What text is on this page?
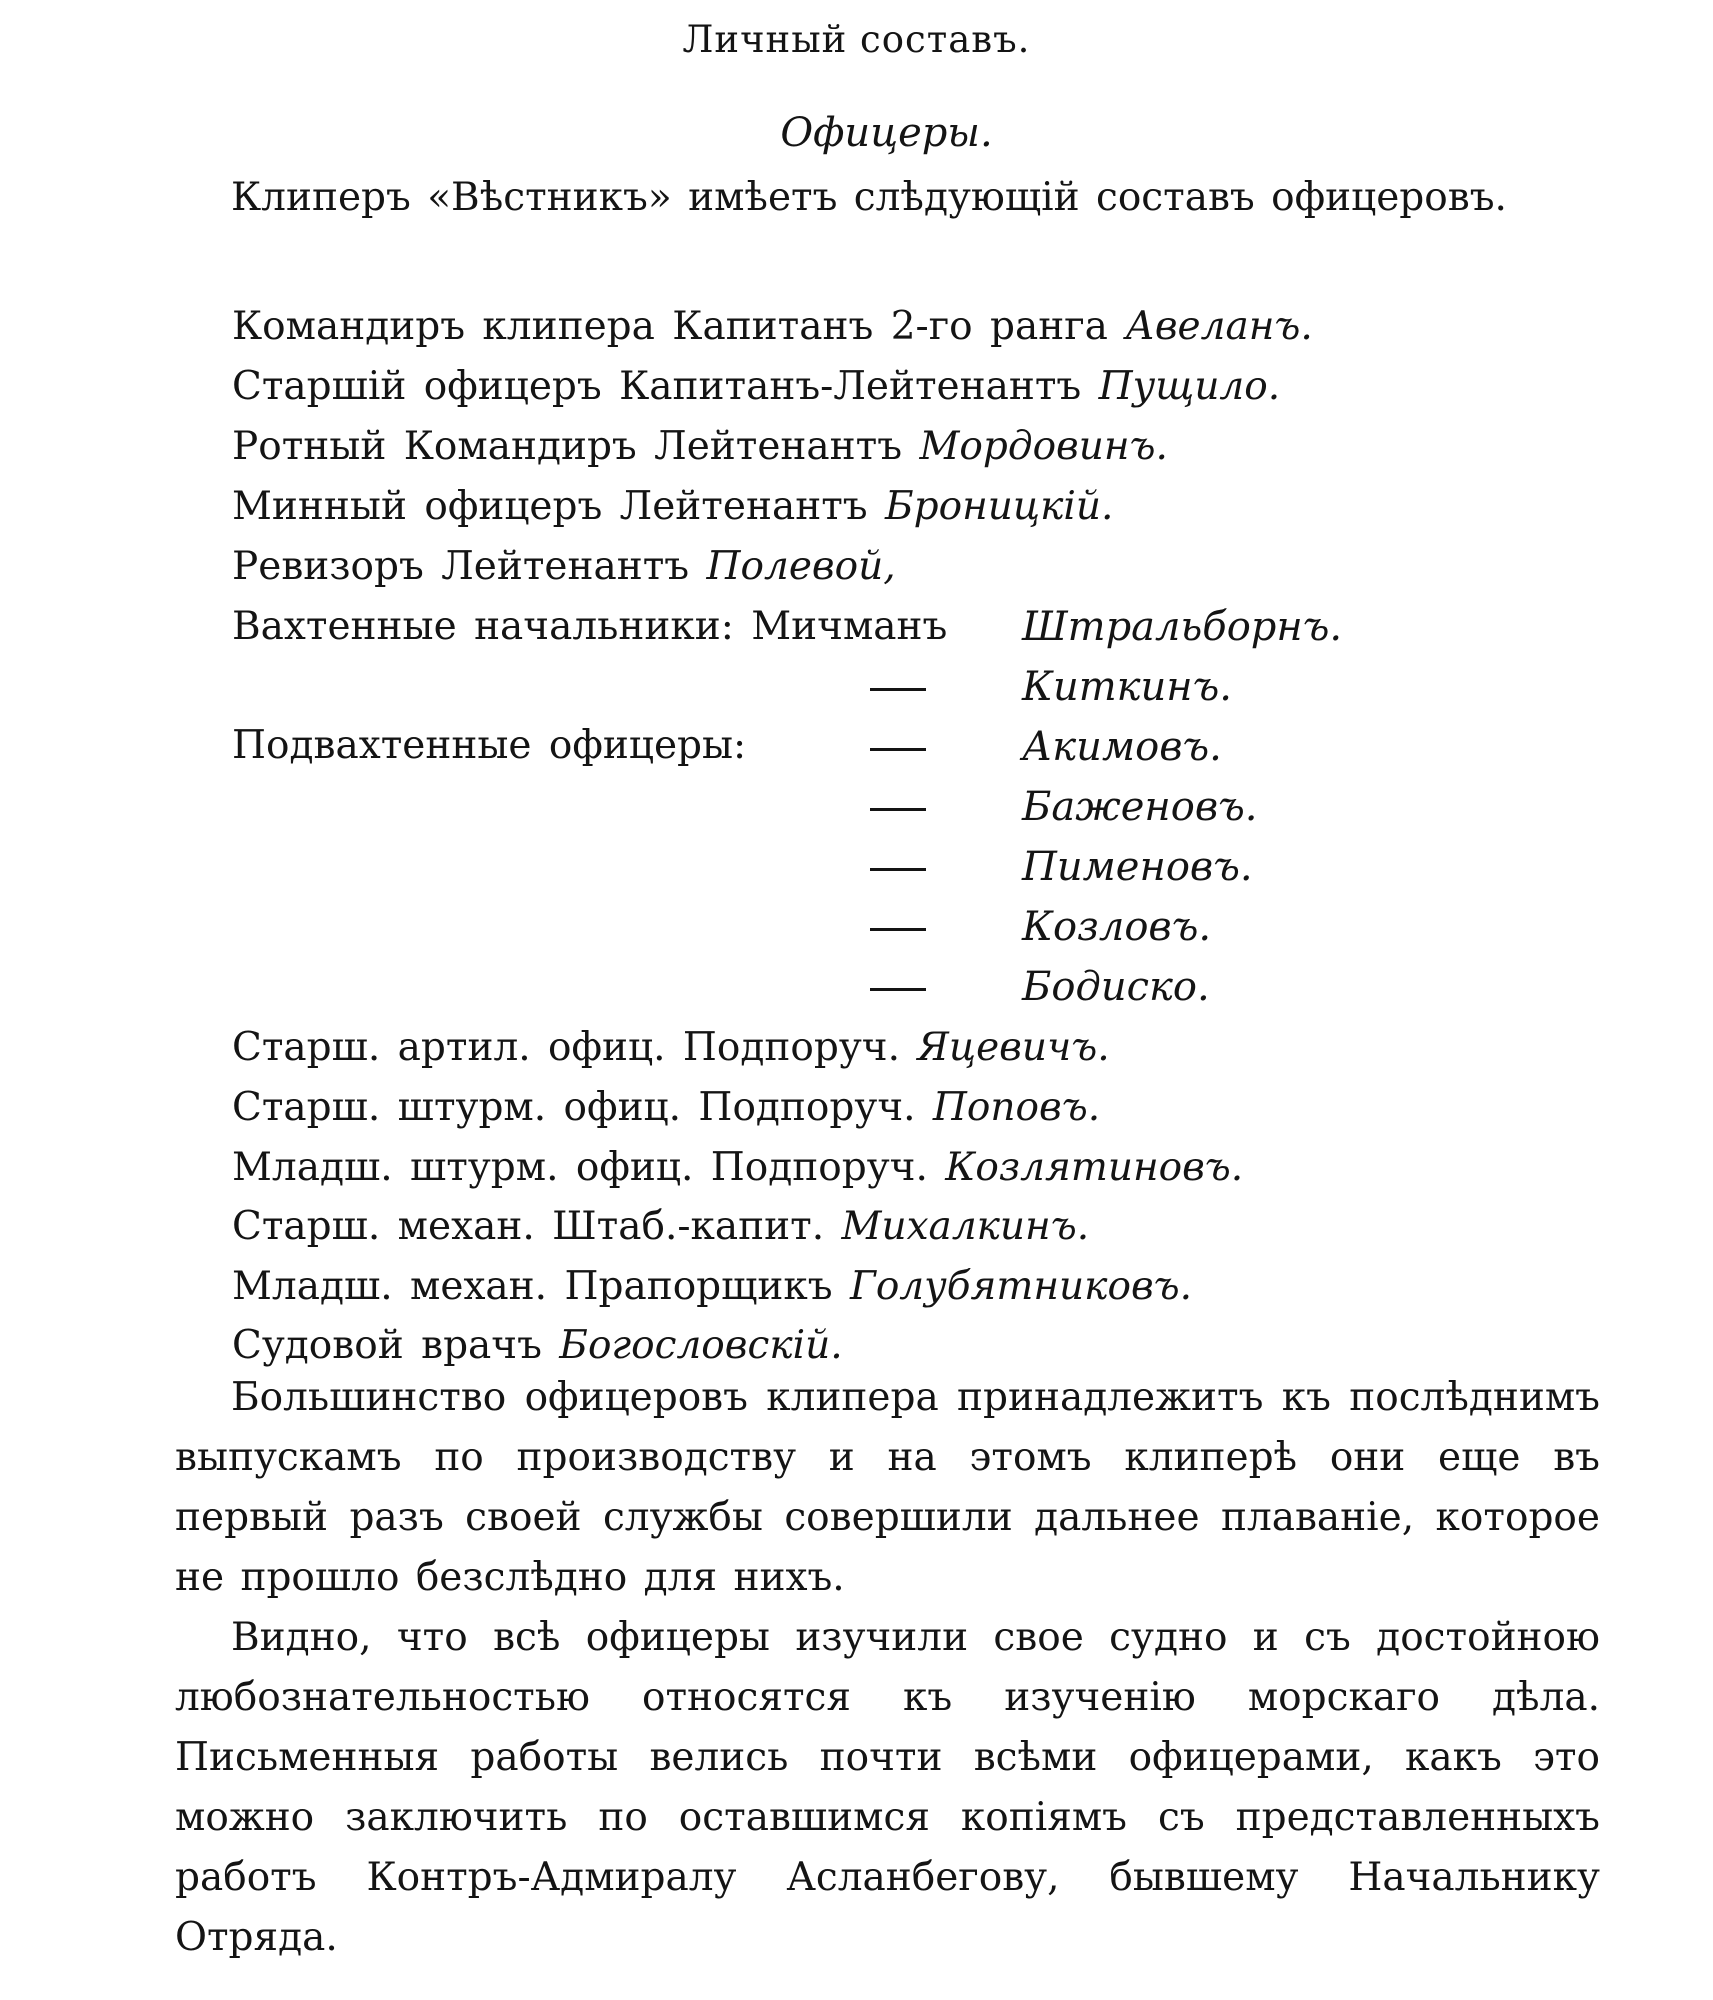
Личный составъ.
Офицеры.
Клиперъ «Вѣстникъ» имѣетъ слѣдующій составъ офицеровъ.
Командиръ клипера Капитанъ 2-го ранга Авеланъ.
Старшій офицеръ Капитанъ-Лейтенантъ Пущило.
Ротный Командиръ Лейтенантъ Мордовинъ.
Минный офицеръ Лейтенантъ Броницкій.
Ревизоръ Лейтенантъ Полевой,
Вахтенные начальники: Мичманъ Штральборнъ.
Киткинъ.
Подвахтенные офицеры:	Акимовъ.
Баженовъ.
Пименовъ.
Козловъ.
Бодиско.
Старш. артил. офиц. Подпоруч. Яцевичъ.
Старш. штурм. офиц. Подпоруч. Поповъ.
Младш. штурм. офиц. Подпоруч. Козлятиновъ.
Старш. механ. Штаб.-капит. Михалкинъ.
Младш. механ. Прапорщикъ Голубятниковъ.
Судовой врачъ Богословскій.
Большинство офицеровъ клипера принадлежитъ къ послѣднимъ выпускамъ по производству и на этомъ клиперѣ они еще въ первый разъ своей службы совершили дальнее плаваніе, которое не прошло безслѣдно для нихъ.
Видно, что всѣ офицеры изучили свое судно и съ достойною любознательностью относятся къ изученію морскаго дѣла. Письменныя работы велись почти всѣми офицерами, какъ это можно заключить по оставшимся копіямъ съ представленныхъ работъ Контръ-Адмиралу Асланбегову, бывшему Начальнику Отряда.
